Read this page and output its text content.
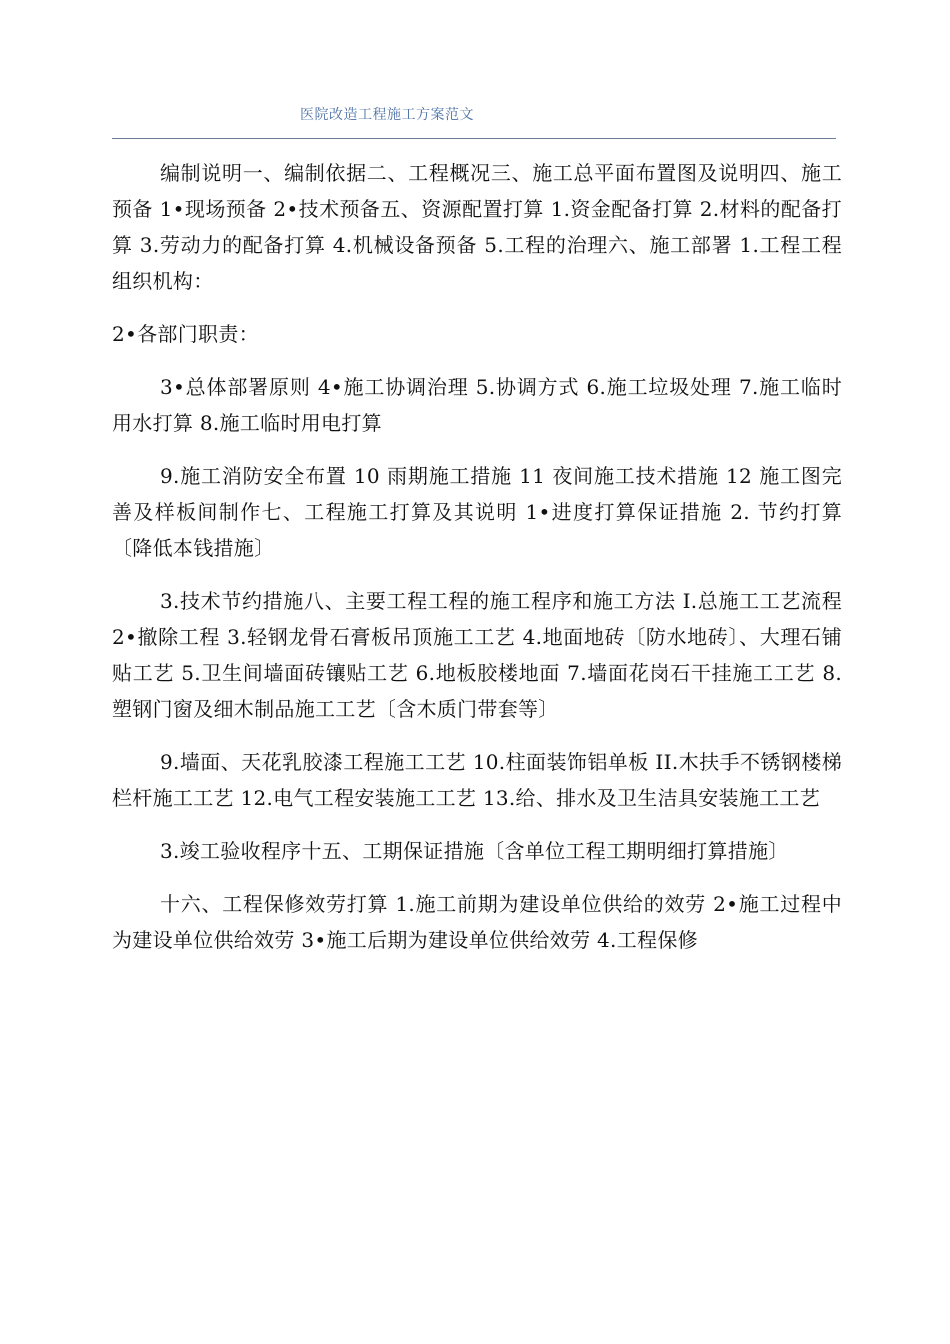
医院改造工程施工方案范文

编制说明一、编制依据二、工程概况三、施工总平面布置图及说明四、施工预备 1•现场预备 2•技术预备五、资源配置打算 1.资金配备打算 2.材料的配备打算 3.劳动力的配备打算 4.机械设备预备 5.工程的治理六、施工部署 1.工程工程组织机构：

2•各部门职责：

3•总体部署原则 4•施工协调治理 5.协调方式 6.施工垃圾处理 7.施工临时用水打算 8.施工临时用电打算

9.施工消防安全布置 10 雨期施工措施 11 夜间施工技术措施 12 施工图完善及样板间制作七、工程施工打算及其说明 1•进度打算保证措施 2. 节约打算〔降低本钱措施〕

3.技术节约措施八、主要工程工程的施工程序和施工方法 I.总施工工艺流程 2•撤除工程 3.轻钢龙骨石膏板吊顶施工工艺 4.地面地砖〔防水地砖〕、大理石铺贴工艺 5.卫生间墙面砖镶贴工艺 6.地板胶楼地面 7.墙面花岗石干挂施工工艺 8.塑钢门窗及细木制品施工工艺〔含木质门带套等〕

9.墙面、天花乳胶漆工程施工工艺 10.柱面装饰铝单板 II.木扶手不锈钢楼梯栏杆施工工艺 12.电气工程安装施工工艺 13.给、排水及卫生洁具安装施工工艺

3.竣工验收程序十五、工期保证措施〔含单位工程工期明细打算措施〕

十六、工程保修效劳打算 1.施工前期为建设单位供给的效劳 2•施工过程中为建设单位供给效劳 3•施工后期为建设单位供给效劳 4.工程保修
